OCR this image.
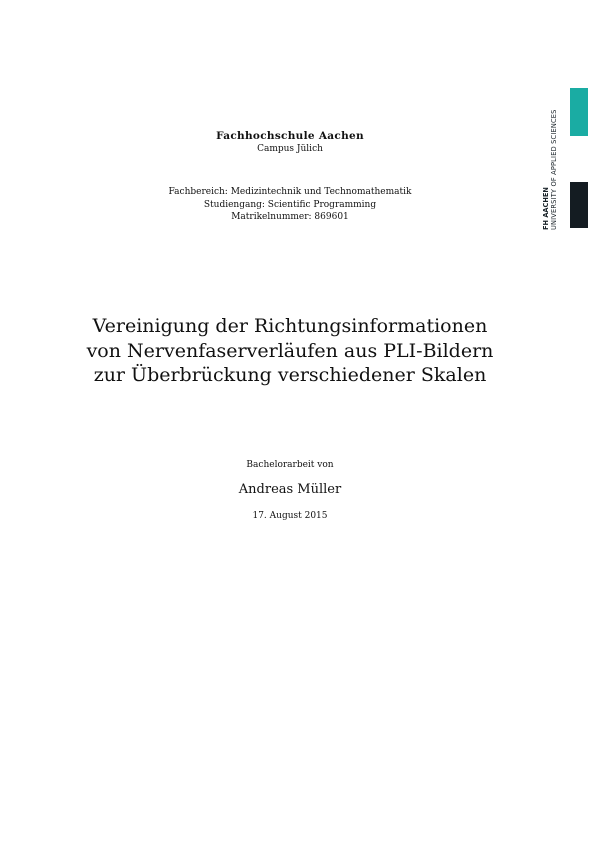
Fachhochschule Aachen
Campus Jülich
Fachbereich: Medizintechnik und Technomathematik
Studiengang: Scientific Programming
Matrikelnummer: 869601
Vereinigung der Richtungsinformationen
von Nervenfaserverläufen aus PLI-Bildern
zur Überbrückung verschiedener Skalen
Bachelorarbeit von
Andreas Müller
17. August 2015
FH AACHEN UNIVERSITY OF APPLIED SCIENCES
